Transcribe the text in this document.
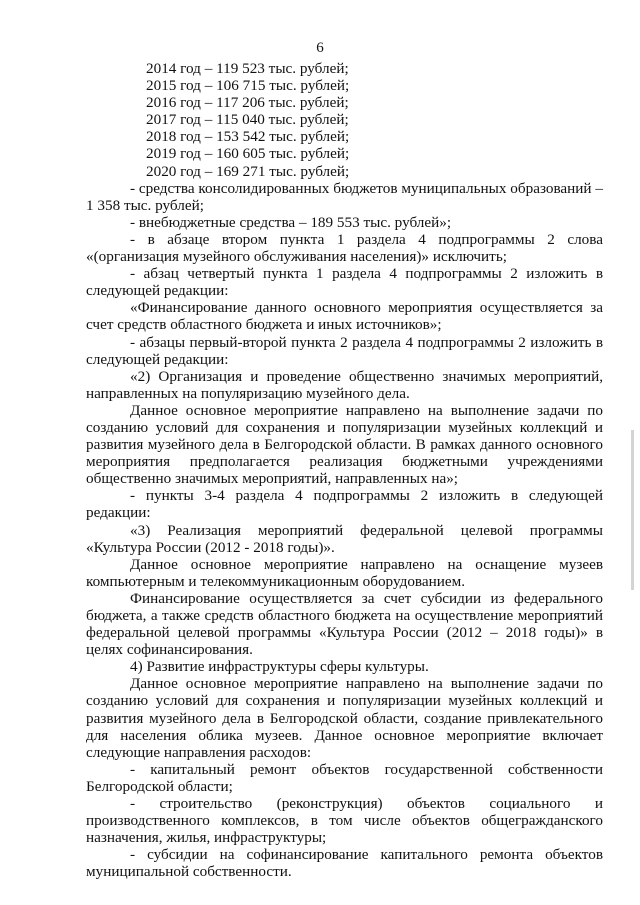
6
2014 год – 119 523 тыс. рублей;
2015 год – 106 715 тыс. рублей;
2016 год – 117 206 тыс. рублей;
2017 год – 115 040 тыс. рублей;
2018 год – 153 542 тыс. рублей;
2019 год – 160 605 тыс. рублей;
2020 год – 169 271 тыс. рублей;

- средства консолидированных бюджетов муниципальных образований – 1 358 тыс. рублей;

- внебюджетные средства – 189 553 тыс. рублей»;

- в абзаце втором пункта 1 раздела 4 подпрограммы 2 слова «(организация музейного обслуживания населения)» исключить;

- абзац четвертый пункта 1 раздела 4 подпрограммы 2 изложить в следующей редакции:

«Финансирование данного основного мероприятия осуществляется за счет средств областного бюджета и иных источников»;

- абзацы первый-второй пункта 2 раздела 4 подпрограммы 2 изложить в следующей редакции:

«2) Организация и проведение общественно значимых мероприятий, направленных на популяризацию музейного дела.

Данное основное мероприятие направлено на выполнение задачи по созданию условий для сохранения и популяризации музейных коллекций и развития музейного дела в Белгородской области. В рамках данного основного мероприятия предполагается реализация бюджетными учреждениями общественно значимых мероприятий, направленных на»;

- пункты 3-4 раздела 4 подпрограммы 2 изложить в следующей редакции:

«3) Реализация мероприятий федеральной целевой программы «Культура России (2012 - 2018 годы)».

Данное основное мероприятие направлено на оснащение музеев компьютерным и телекоммуникационным оборудованием.

Финансирование осуществляется за счет субсидии из федерального бюджета, а также средств областного бюджета на осуществление мероприятий федеральной целевой программы «Культура России (2012 – 2018 годы)» в целях софинансирования.

4) Развитие инфраструктуры сферы культуры.

Данное основное мероприятие направлено на выполнение задачи по созданию условий для сохранения и популяризации музейных коллекций и развития музейного дела в Белгородской области, создание привлекательного для населения облика музеев. Данное основное мероприятие включает следующие направления расходов:

- капитальный ремонт объектов государственной собственности Белгородской области;

- строительство (реконструкция) объектов социального и производственного комплексов, в том числе объектов общегражданского назначения, жилья, инфраструктуры;

- субсидии на софинансирование капитального ремонта объектов муниципальной собственности.
